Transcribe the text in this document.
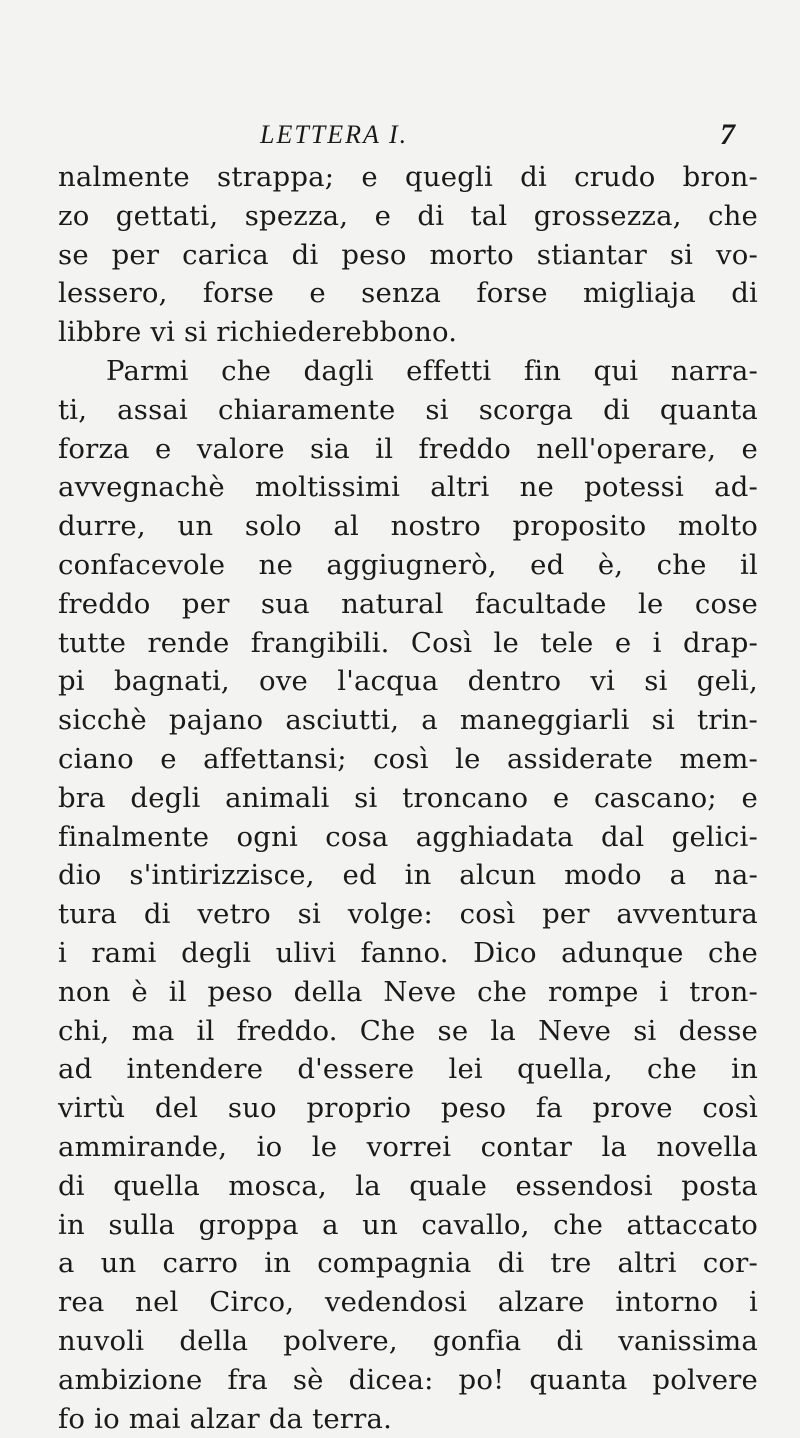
LETTERA I.	7
nalmente strappa; e quegli di crudo bron-
zo gettati, spezza, e di tal grossezza, che
se per carica di peso morto stiantar si vo-
lessero, forse e senza forse migliaja di
libbre vi si richiederebbono.
Parmi che dagli effetti fin qui narra-
ti, assai chiaramente si scorga di quanta
forza e valore sia il freddo nell'operare, e
avvegnachè moltissimi altri ne potessi ad-
durre, un solo al nostro proposito molto
confacevole ne aggiugnerò, ed è, che il
freddo per sua natural facultade le cose
tutte rende frangibili. Così le tele e i drap-
pi bagnati, ove l'acqua dentro vi si geli,
sicchè pajano asciutti, a maneggiarli si trin-
ciano e affettansi; così le assiderate mem-
bra degli animali si troncano e cascano; e
finalmente ogni cosa agghiadata dal gelici-
dio s'intirizzisce, ed in alcun modo a na-
tura di vetro si volge: così per avventura
i rami degli ulivi fanno. Dico adunque che
non è il peso della Neve che rompe i tron-
chi, ma il freddo. Che se la Neve si desse
ad intendere d'essere lei quella, che in
virtù del suo proprio peso fa prove così
ammirande, io le vorrei contar la novella
di quella mosca, la quale essendosi posta
in sulla groppa a un cavallo, che attaccato
a un carro in compagnia di tre altri cor-
rea nel Circo, vedendosi alzare intorno i
nuvoli della polvere, gonfia di vanissima
ambizione fra sè dicea: po! quanta polvere
fo io mai alzar da terra.
